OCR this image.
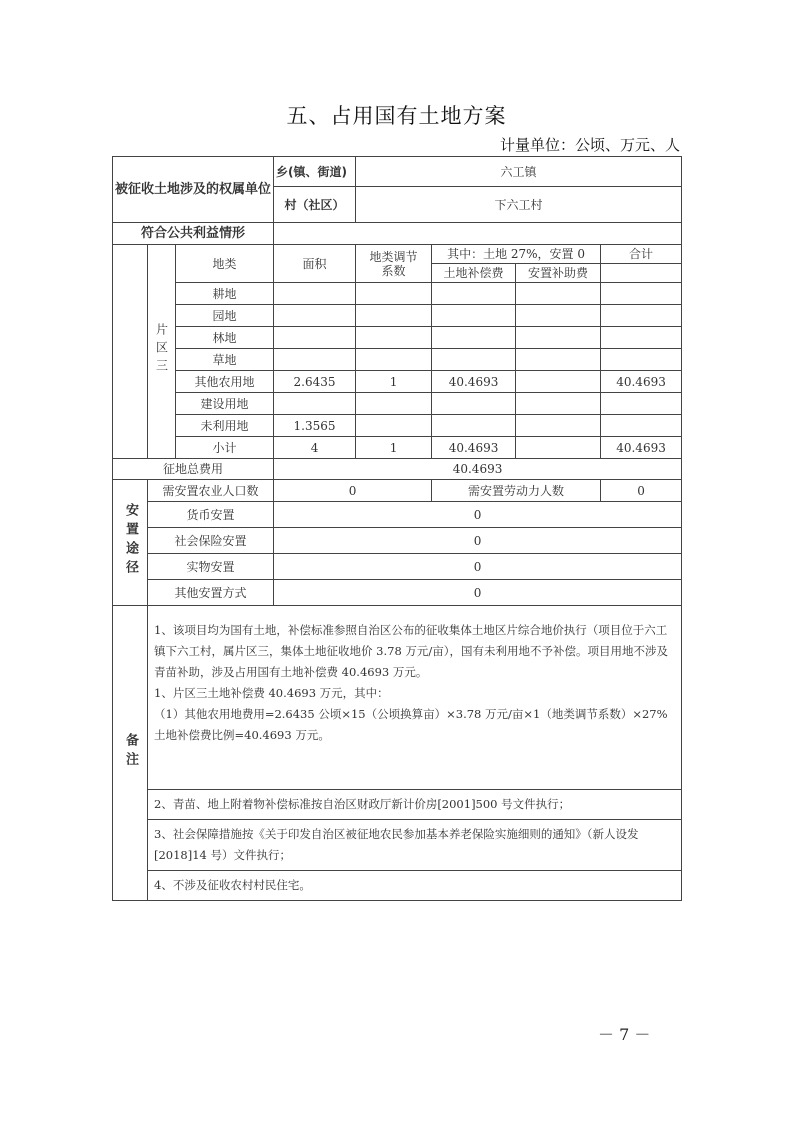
五、占用国有土地方案
计量单位：公顷、万元、人
被征收土地涉及的权属单位			乡(镇、街道)	六工镇			
			村（社区）	下六工村			
符合公共利益情形							
	片区三	地类	面积	地类调节系数	其中：土地 27%，安置 0		合计
					土地补偿费	安置补助费	
		耕地					
		园地					
		林地					
		草地					
		其他农用地	2.6435	1	40.4693		40.4693
		建设用地					
		未利用地	1.3565				
		小计	4	1	40.4693		40.4693
征地总费用			40.4693				
安置途径	需安置农业人口数		0		需安置劳动力人数		0
	货币安置		0				
	社会保险安置		0				
	实物安置		0				
	其他安置方式		0				
备注	1、该项目均为国有土地，补偿标准参照自治区公布的征收集体土地区片综合地价执行（项目位于六工镇下六工村，属片区三，集体土地征收地价 3.78 万元/亩），国有未利用地不予补偿。项目用地不涉及青苗补助，涉及占用国有土地补偿费 40.4693 万元。
1、片区三土地补偿费 40.4693 万元，其中：
（1）其他农用地费用=2.6435 公顷×15（公顷换算亩）×3.78 万元/亩×1（地类调节系数）×27%土地补偿费比例=40.4693 万元。						

	2、青苗、地上附着物补偿标准按自治区财政厅新计价房[2001]500 号文件执行；						
	3、社会保障措施按《关于印发自治区被征地农民参加基本养老保险实施细则的通知》（新人设发[2018]14 号）文件执行；						
	4、不涉及征收农村村民住宅。						
－ 7 －
